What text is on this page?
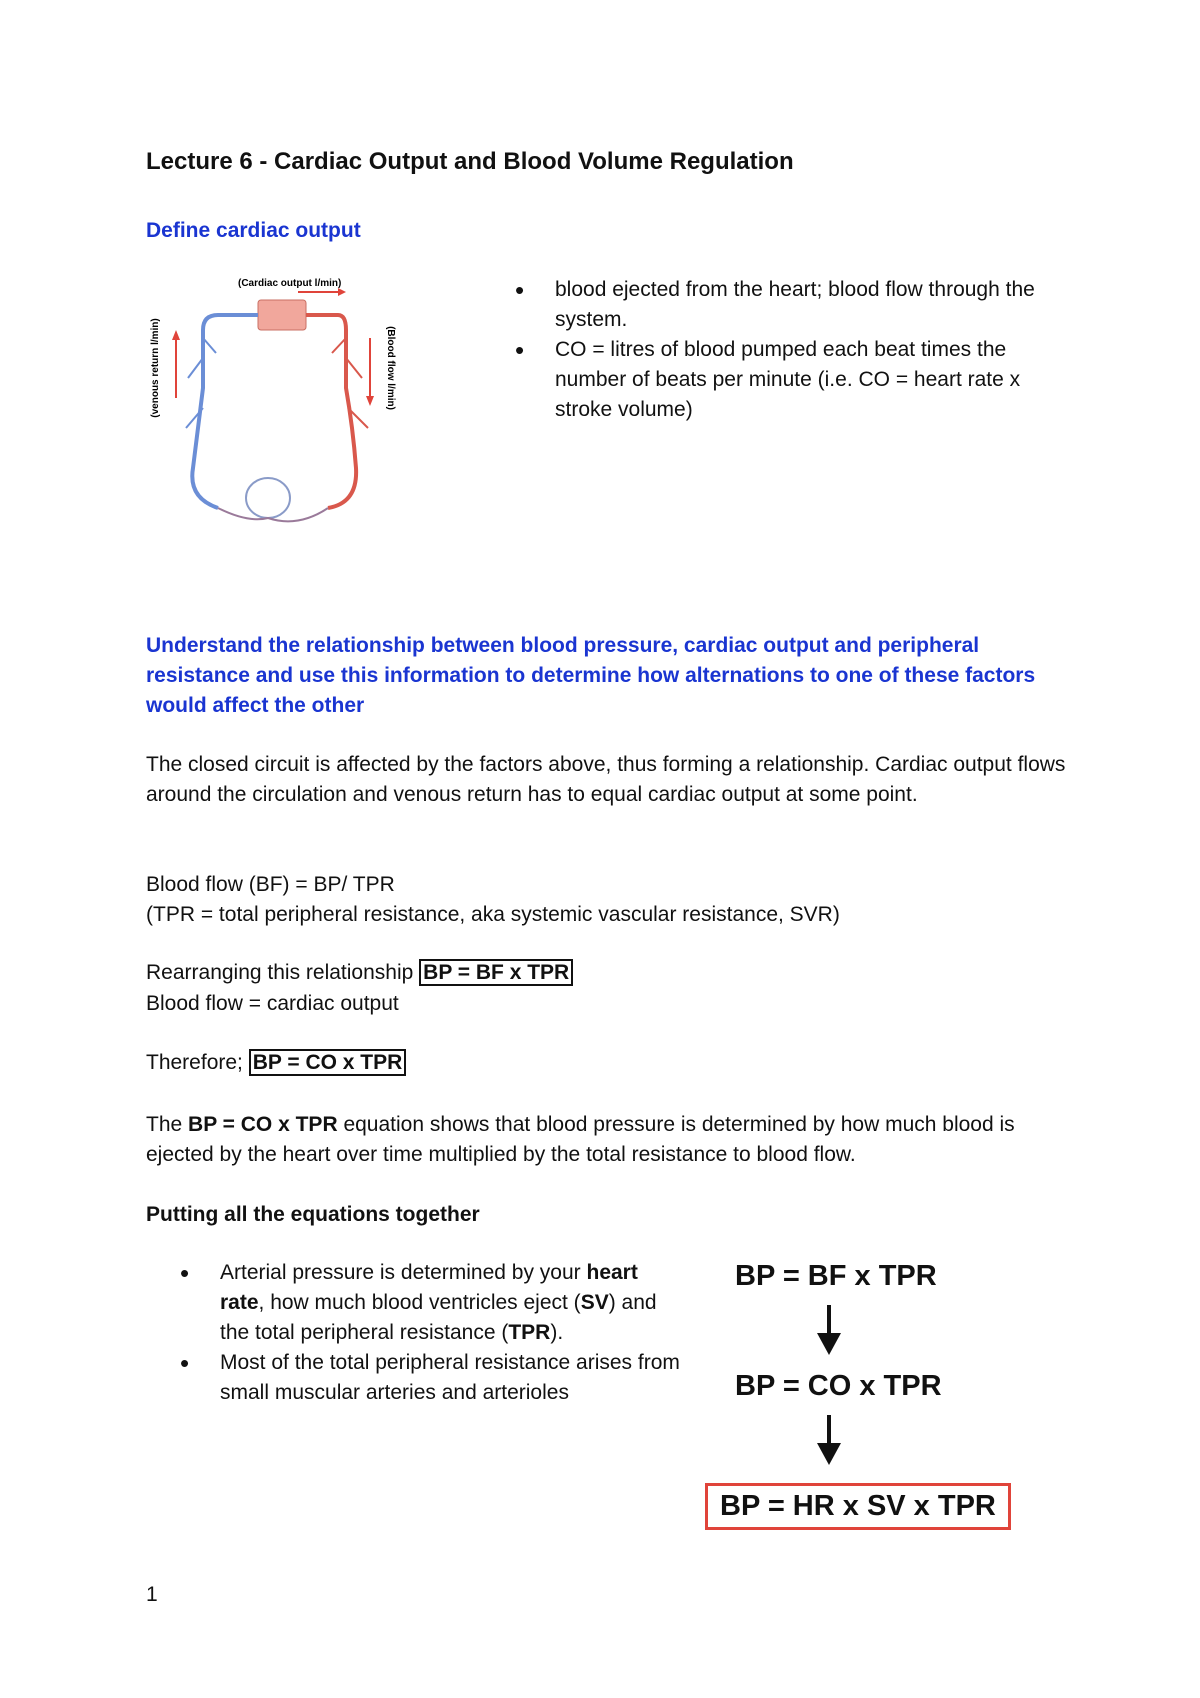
Lecture 6 - Cardiac Output and Blood Volume Regulation
Define cardiac output
(Cardiac output l/min)
(venous return l/min)	(Blood flow l/min)
• blood ejected from the heart; blood flow through the system.
• CO = litres of blood pumped each beat times the number of beats per minute (i.e. CO = heart rate x stroke volume)
Understand the relationship between blood pressure, cardiac output and peripheral resistance and use this information to determine how alternations to one of these factors would affect the other
The closed circuit is affected by the factors above, thus forming a relationship. Cardiac output flows around the circulation and venous return has to equal cardiac output at some point.
Blood flow (BF) = BP/ TPR
(TPR = total peripheral resistance, aka systemic vascular resistance, SVR)
Rearranging this relationship BP = BF x TPR
Blood flow = cardiac output
Therefore; BP = CO x TPR
The BP = CO x TPR equation shows that blood pressure is determined by how much blood is ejected by the heart over time multiplied by the total resistance to blood flow.
Putting all the equations together
• Arterial pressure is determined by your heart rate, how much blood ventricles eject (SV) and the total peripheral resistance (TPR).
• Most of the total peripheral resistance arises from small muscular arteries and arterioles
BP = BF x TPR
BP = CO x TPR
BP = HR x SV x TPR
1
